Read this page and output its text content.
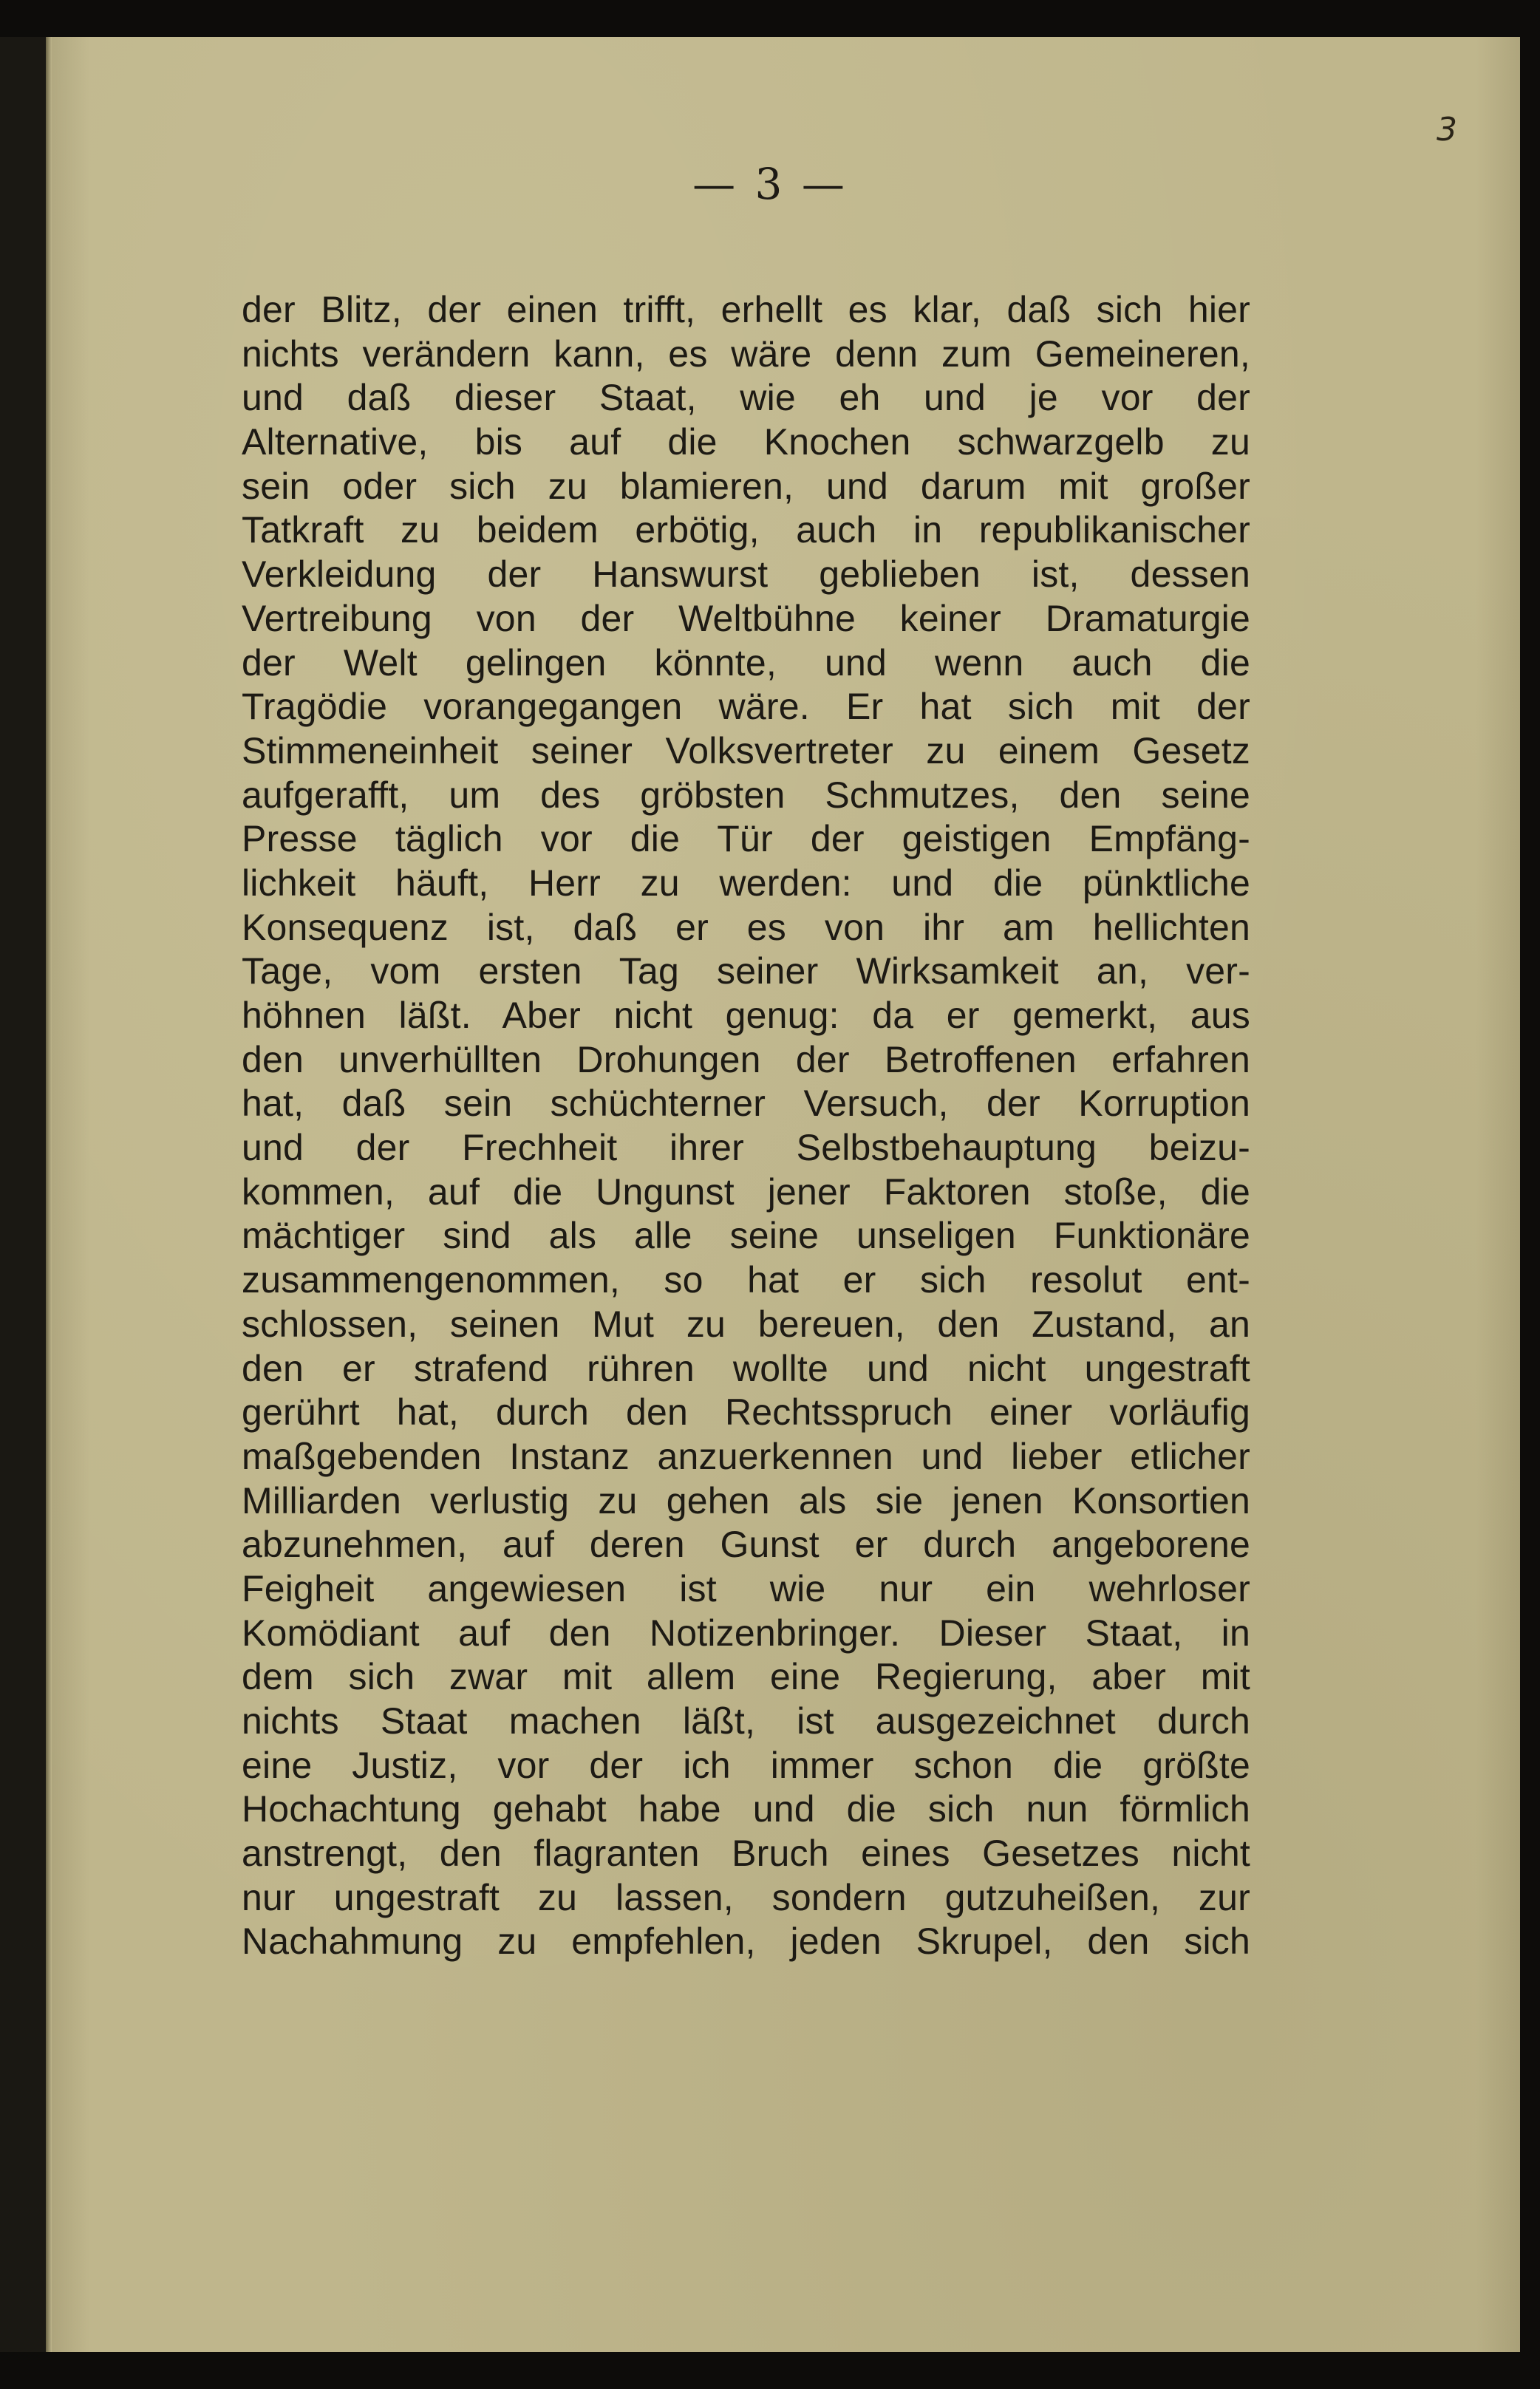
3
— 3 —
der Blitz, der einen trifft, erhellt es klar, daß sich hier
nichts verändern kann, es wäre denn zum Gemeineren,
und daß dieser Staat, wie eh und je vor der
Alternative, bis auf die Knochen schwarzgelb zu
sein oder sich zu blamieren, und darum mit großer
Tatkraft zu beidem erbötig, auch in republikanischer
Verkleidung der Hanswurst geblieben ist, dessen
Vertreibung von der Weltbühne keiner Dramaturgie
der Welt gelingen könnte, und wenn auch die
Tragödie vorangegangen wäre. Er hat sich mit der
Stimmeneinheit seiner Volksvertreter zu einem Gesetz
aufgerafft, um des gröbsten Schmutzes, den seine
Presse täglich vor die Tür der geistigen Empfäng-
lichkeit häuft, Herr zu werden: und die pünktliche
Konsequenz ist, daß er es von ihr am hellichten
Tage, vom ersten Tag seiner Wirksamkeit an, ver-
höhnen läßt. Aber nicht genug: da er gemerkt, aus
den unverhüllten Drohungen der Betroffenen erfahren
hat, daß sein schüchterner Versuch, der Korruption
und der Frechheit ihrer Selbstbehauptung beizu-
kommen, auf die Ungunst jener Faktoren stoße, die
mächtiger sind als alle seine unseligen Funktionäre
zusammengenommen, so hat er sich resolut ent-
schlossen, seinen Mut zu bereuen, den Zustand, an
den er strafend rühren wollte und nicht ungestraft
gerührt hat, durch den Rechtsspruch einer vorläufig
maßgebenden Instanz anzuerkennen und lieber etlicher
Milliarden verlustig zu gehen als sie jenen Konsortien
abzunehmen, auf deren Gunst er durch angeborene
Feigheit angewiesen ist wie nur ein wehrloser
Komödiant auf den Notizenbringer. Dieser Staat, in
dem sich zwar mit allem eine Regierung, aber mit
nichts Staat machen läßt, ist ausgezeichnet durch
eine Justiz, vor der ich immer schon die größte
Hochachtung gehabt habe und die sich nun förmlich
anstrengt, den flagranten Bruch eines Gesetzes nicht
nur ungestraft zu lassen, sondern gutzuheißen, zur
Nachahmung zu empfehlen, jeden Skrupel, den sich
